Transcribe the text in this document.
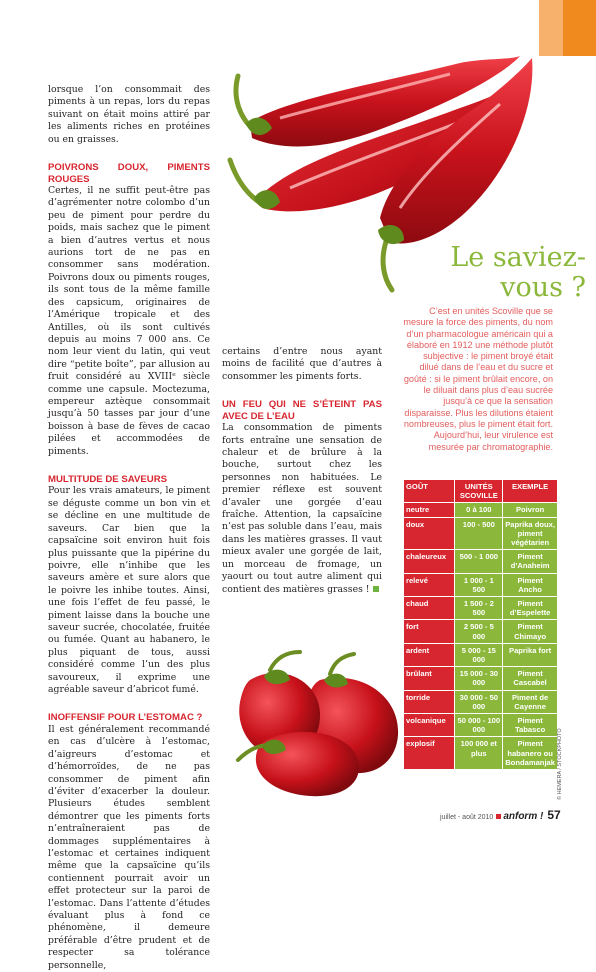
lorsque l’on consommait des piments à un repas, lors du repas suivant on était moins attiré par les aliments riches en protéines ou en graisses.

POIVRONS DOUX, PIMENTS ROUGES

Certes, il ne suffit peut-être pas d’agrémenter notre colombo d’un peu de piment pour perdre du poids, mais sachez que le piment a bien d’autres vertus et nous aurions tort de ne pas en consommer sans modération. Poivrons doux ou piments rouges, ils sont tous de la même famille des capsicum, originaires de l’Amérique tropicale et des Antilles, où ils sont cultivés depuis au moins 7 000 ans. Ce nom leur vient du latin, qui veut dire “petite boîte”, par allusion au fruit considéré au XVIIIᵉ siècle comme une capsule. Moctezuma, empereur aztèque consommait jusqu’à 50 tasses par jour d’une boisson à base de fèves de cacao pilées et accommodées de piments.

MULTITUDE DE SAVEURS

Pour les vrais amateurs, le piment se déguste comme un bon vin et se décline en une multitude de saveurs. Car bien que la capsaïcine soit environ huit fois plus puissante que la pipérine du poivre, elle n’inhibe que les saveurs amère et sure alors que le poivre les inhibe toutes. Ainsi, une fois l’effet de feu passé, le piment laisse dans la bouche une saveur sucrée, chocolatée, fruitée ou fumée. Quant au habanero, le plus piquant de tous, aussi considéré comme l’un des plus savoureux, il exprime une agréable saveur d’abricot fumé.

INOFFENSIF POUR L’ESTOMAC ?

Il est généralement recommandé en cas d’ulcère à l’estomac, d’aigreurs d’estomac et d’hémorroïdes, de ne pas consommer de piment afin d’éviter d’exacerber la douleur. Plusieurs études semblent démontrer que les piments forts n’entraîneraient pas de dommages supplémentaires à l’estomac et certaines indiquent même que la capsaïcine qu’ils contiennent pourrait avoir un effet protecteur sur la paroi de l’estomac. Dans l’attente d’études évaluant plus à fond ce phénomène, il demeure préférable d’être prudent et de respecter sa tolérance personnelle,

certains d’entre nous ayant moins de facilité que d’autres à consommer les piments forts.

UN FEU QUI NE S’ÉTEINT PAS AVEC DE L’EAU

La consommation de piments forts entraîne une sensation de chaleur et de brûlure à la bouche, surtout chez les personnes non habituées. Le premier réflexe est souvent d’avaler une gorgée d’eau fraîche. Attention, la capsaïcine n’est pas soluble dans l’eau, mais dans les matières grasses. Il vaut mieux avaler une gorgée de lait, un morceau de fromage, un yaourt ou tout autre aliment qui contient des matières grasses !

Le saviez-
vous ?
C’est en unités Scoville que se mesure la force des piments, du nom d’un pharmacologue américain qui a élaboré en 1912 une méthode plutôt subjective : le piment broyé était dilué dans de l’eau et du sucre et goûté : si le piment brûlait encore, on le diluait dans plus d’eau sucrée jusqu’à ce que la sensation disparaisse. Plus les dilutions étaient nombreuses, plus le piment était fort. Aujourd’hui, leur virulence est mesurée par chromatographie.
GOÛT	UNITÉS SCOVILLE	EXEMPLE
neutre	0 à 100	Poivron
doux	100 - 500	Paprika doux, piment végétarien
chaleureux	500 - 1 000	Piment d’Anaheim
relevé	1 000 - 1 500	Piment Ancho
chaud	1 500 - 2 500	Piment d’Espelette
fort	2 500 - 5 000	Piment Chimayo
ardent	5 000 - 15 000	Paprika fort
brûlant	15 000 - 30 000	Piment Cascabel
torride	30 000 - 50 000	Piment de Cayenne
volcanique	50 000 - 100 000	Piment Tabasco
explosif	100 000 et plus	Piment habanero ou Bondamanjak © HEMERA / STOCKPHOTO
juillet - août 2010 anform ! 57
